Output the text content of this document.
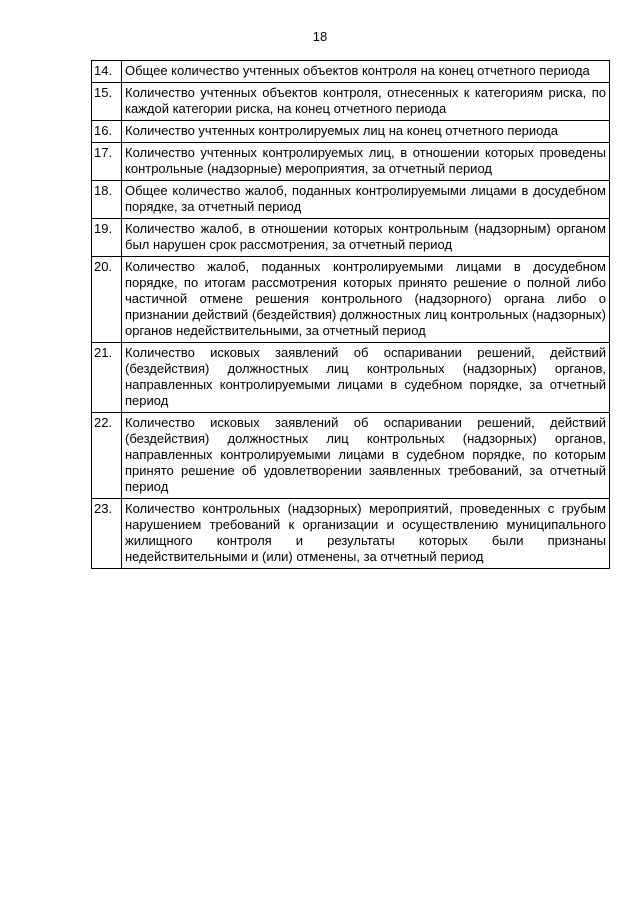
18
14.	Общее количество учтенных объектов контроля на конец отчетного периода
15.	Количество учтенных объектов контроля, отнесенных к категориям риска, по каждой категории риска, на конец отчетного периода
16.	Количество учтенных контролируемых лиц на конец отчетного периода
17.	Количество учтенных контролируемых лиц, в отношении которых проведены контрольные (надзорные) мероприятия, за отчетный период
18.	Общее количество жалоб, поданных контролируемыми лицами в досудебном порядке, за отчетный период
19.	Количество жалоб, в отношении которых контрольным (надзорным) органом был нарушен срок рассмотрения, за отчетный период
20.	Количество жалоб, поданных контролируемыми лицами в досудебном порядке, по итогам рассмотрения которых принято решение о полной либо частичной отмене решения контрольного (надзорного) органа либо о признании действий (бездействия) должностных лиц контрольных (надзорных) органов недействительными, за отчетный период
21.	Количество исковых заявлений об оспаривании решений, действий (бездействия) должностных лиц контрольных (надзорных) органов, направленных контролируемыми лицами в судебном порядке, за отчетный период
22.	Количество исковых заявлений об оспаривании решений, действий (бездействия) должностных лиц контрольных (надзорных) органов, направленных контролируемыми лицами в судебном порядке, по которым принято решение об удовлетворении заявленных требований, за отчетный период
23.	Количество контрольных (надзорных) мероприятий, проведенных с грубым нарушением требований к организации и осуществлению муниципального жилищного контроля и результаты которых были признаны недействительными и (или) отменены, за отчетный период
